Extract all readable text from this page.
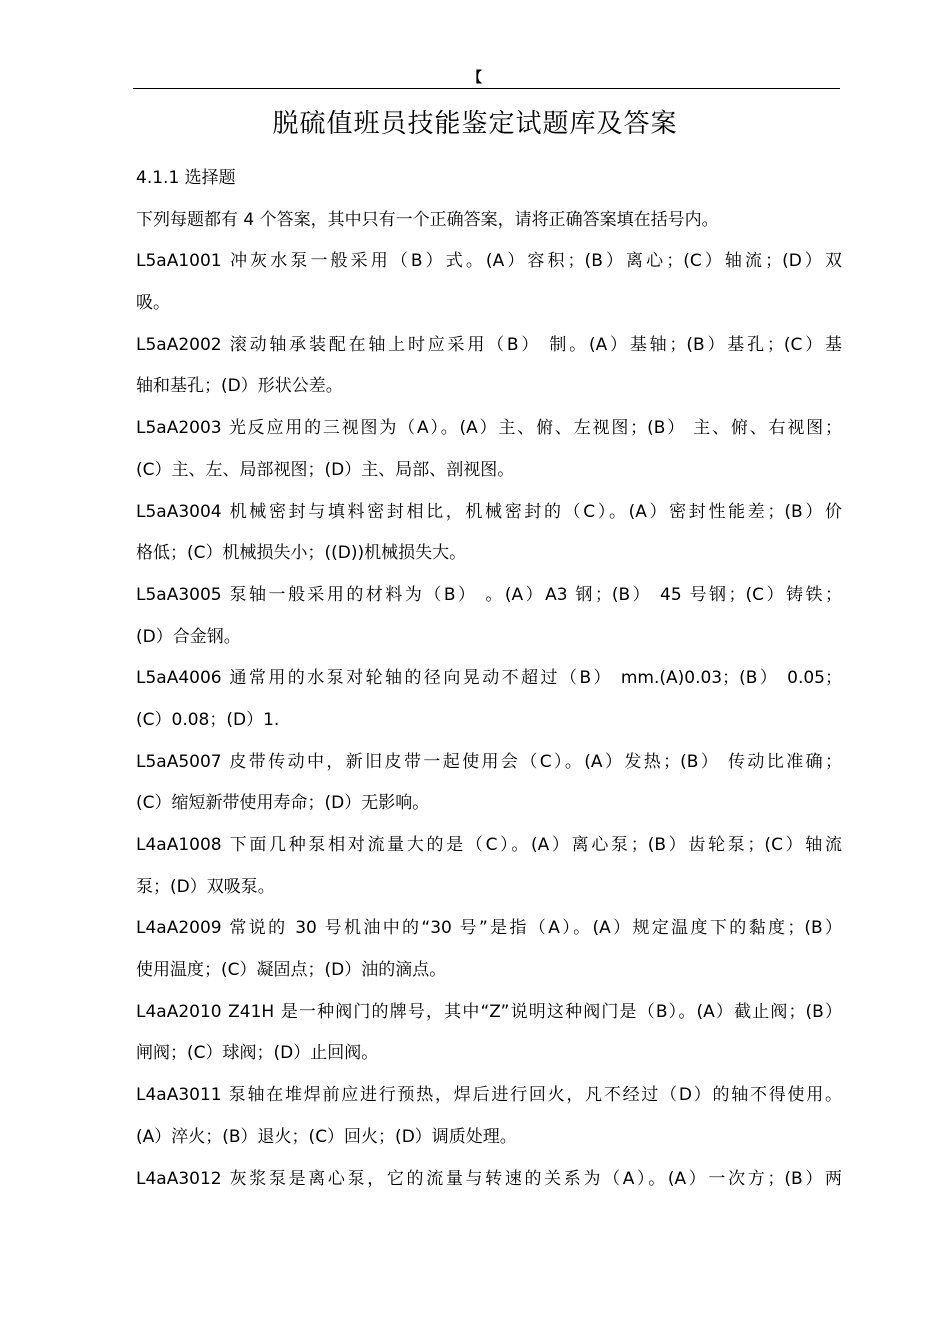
【
脱硫值班员技能鉴定试题库及答案
4.1.1 选择题
下列每题都有 4 个答案，其中只有一个正确答案，请将正确答案填在括号内。
L5aA1001 冲灰水泵一般采用（B）式。(A）容积；(B）离心；(C）轴流；(D）双
吸。
L5aA2002 滚动轴承装配在轴上时应采用（B） 制。(A）基轴；(B）基孔；(C）基
轴和基孔；(D）形状公差。
L5aA2003 光反应用的三视图为（A）。(A）主、俯、左视图；(B） 主、俯、右视图；
(C）主、左、局部视图；(D）主、局部、剖视图。
L5aA3004 机械密封与填料密封相比，机械密封的（C）。(A）密封性能差；(B）价
格低；(C）机械损失小；((D))机械损失大。
L5aA3005 泵轴一般采用的材料为（B） 。(A）A3 钢；(B） 45 号钢；(C）铸铁；
(D）合金钢。
L5aA4006 通常用的水泵对轮轴的径向晃动不超过（B） mm.(A)0.03；(B） 0.05；
(C）0.08；(D）1.
L5aA5007 皮带传动中，新旧皮带一起使用会（C）。(A）发热；(B） 传动比准确；
(C）缩短新带使用寿命；(D）无影响。
L4aA1008 下面几种泵相对流量大的是（C）。(A）离心泵；(B）齿轮泵；(C）轴流
泵；(D）双吸泵。
L4aA2009 常说的 30 号机油中的“30 号”是指（A）。(A）规定温度下的黏度；(B）
使用温度；(C）凝固点；(D）油的滴点。
L4aA2010 Z41H 是一种阀门的牌号，其中“Z”说明这种阀门是（B）。(A）截止阀；(B）
闸阀；(C）球阀；(D）止回阀。
L4aA3011 泵轴在堆焊前应进行预热，焊后进行回火，凡不经过（D）的轴不得使用。
(A）淬火；(B）退火；(C）回火；(D）调质处理。
L4aA3012 灰浆泵是离心泵，它的流量与转速的关系为（A）。(A）一次方；(B）两
